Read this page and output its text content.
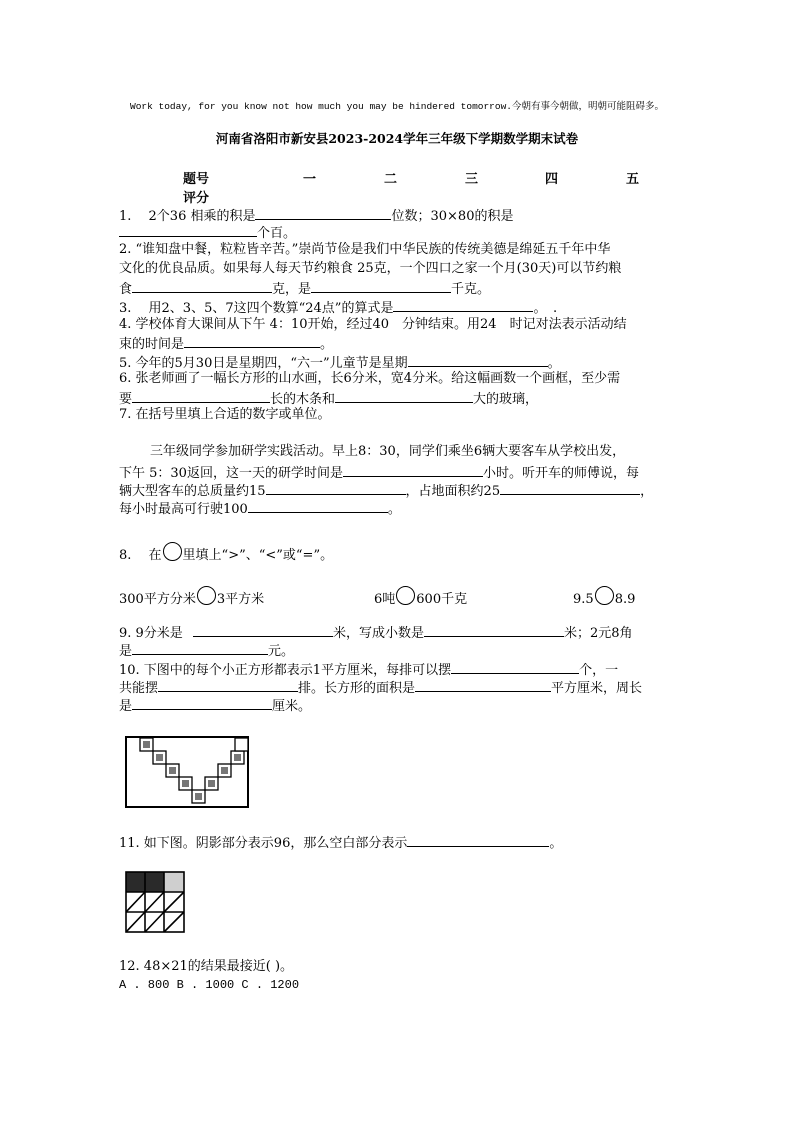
Work today, for you know not how much you may be hindered tomorrow.今朝有事今朝做，明朝可能阻碍多。
河南省洛阳市新安县2023-2024学年三年级下学期数学期末试卷
题号	一	二	三	四	五
评分
1.　 2个36 相乘的积是	位数；30×80的积是
个百。
2. “谁知盘中餐，粒粒皆辛苦。”崇尚节俭是我们中华民族的传统美德是绵延五千年中华
文化的优良品质。如果每人每天节约粮食 25克，一个四口之家一个月(30天)可以节约粮
食	克，是	千克。
3.　 用2、3、5、7这四个数算“24点”的算式是	。　.
4. 学校体育大课间从下午 4：10开始，经过40　分钟结束。用24　时记对法表示活动结
束的时间是	。
5. 今年的5月30日是星期四，“六一”儿童节是星期	。
6. 张老师画了一幅长方形的山水画，长6分米，宽4分米。给这幅画数一个画框，至少需
要	长的木条和	大的玻璃，
7. 在括号里填上合适的数字或单位。
三年级同学参加研学实践活动。早上8：30，同学们乘坐6辆大要客车从学校出发，
下午 5：30返回，这一天的研学时间是	小时。听开车的师傅说，每
辆大型客车的总质量约15	，占地面积约25	，
每小时最高可行驶100	。
8.　 在 里填上“>”、“<”或“=”。
300平方分米 3平方米	6吨 600千克	9.5 8.9
9. 9分米是	米，写成小数是	米；2元8角
是	元。
10. 下图中的每个小正方形都表示1平方厘米，每排可以摆	个，一
共能摆	排。长方形的面积是	平方厘米，周长
是	厘米。
11. 如下图。阴影部分表示96，那么空白部分表示	。
12. 48×21的结果最接近( )。
A . 800 B . 1000 C . 1200
